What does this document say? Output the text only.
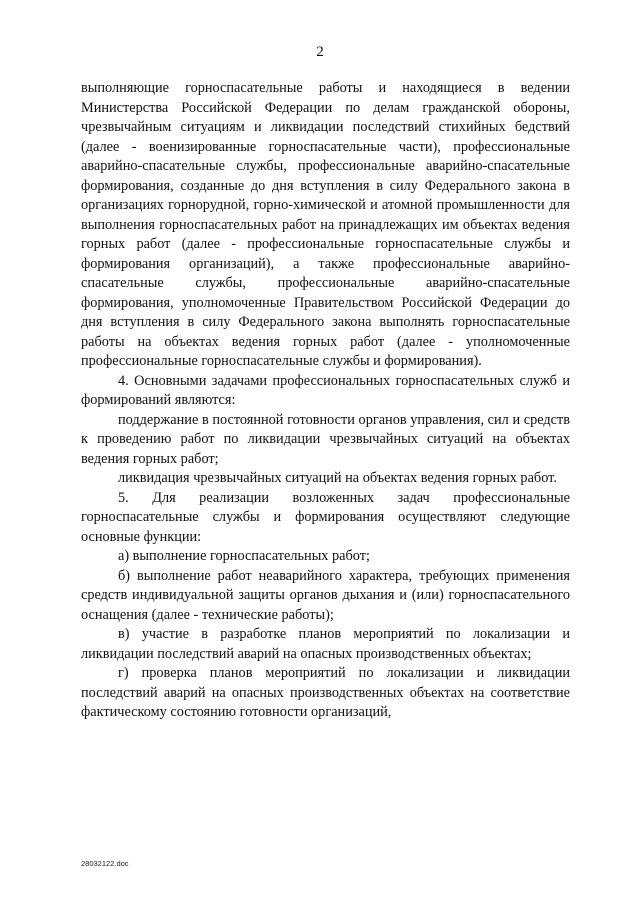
2

выполняющие горноспасательные работы и находящиеся в ведении Министерства Российской Федерации по делам гражданской обороны, чрезвычайным ситуациям и ликвидации последствий стихийных бедствий (далее - военизированные горноспасательные части), профессиональные аварийно-спасательные службы, профессиональные аварийно-спасательные формирования, созданные до дня вступления в силу Федерального закона в организациях горнорудной, горно-химической и атомной промышленности для выполнения горноспасательных работ на принадлежащих им объектах ведения горных работ (далее - профессиональные горноспасательные службы и формирования организаций), а также профессиональные аварийно-спасательные службы, профессиональные аварийно-спасательные формирования, уполномоченные Правительством Российской Федерации до дня вступления в силу Федерального закона выполнять горноспасательные работы на объектах ведения горных работ (далее - уполномоченные профессиональные горноспасательные службы и формирования).

4. Основными задачами профессиональных горноспасательных служб и формирований являются:

поддержание в постоянной готовности органов управления, сил и средств к проведению работ по ликвидации чрезвычайных ситуаций на объектах ведения горных работ;

ликвидация чрезвычайных ситуаций на объектах ведения горных работ.

5. Для реализации возложенных задач профессиональные горноспасательные службы и формирования осуществляют следующие основные функции:

а) выполнение горноспасательных работ;

б) выполнение работ неаварийного характера, требующих применения средств индивидуальной защиты органов дыхания и (или) горноспасательного оснащения (далее - технические работы);

в) участие в разработке планов мероприятий по локализации и ликвидации последствий аварий на опасных производственных объектах;

г) проверка планов мероприятий по локализации и ликвидации последствий аварий на опасных производственных объектах на соответствие фактическому состоянию готовности организаций,

28032122.doc
